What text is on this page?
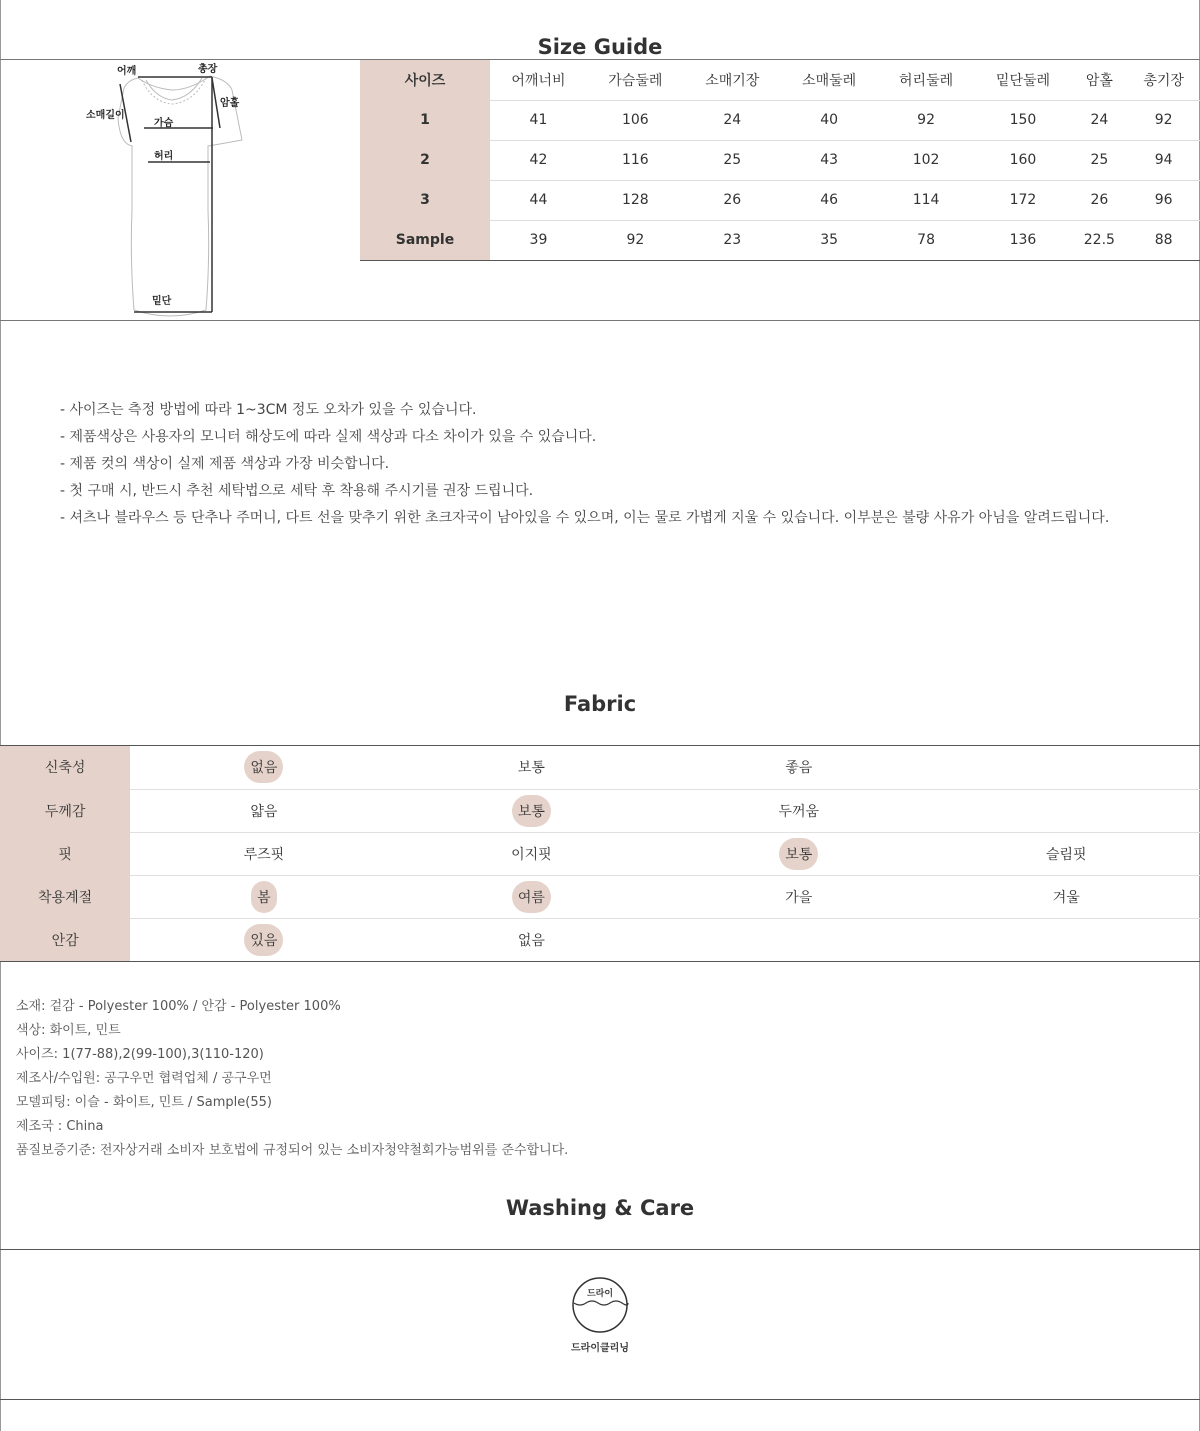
Size Guide
어깨	총장
암홀
소매길이
가슴
허리
밑단
사이즈	어깨너비	가슴둘레	소매기장	소매둘레	허리둘레	밑단둘레	암홀	총기장
1	41	106	24	40	92	150	24	92
2	42	116	25	43	102	160	25	94
3	44	128	26	46	114	172	26	96
Sample	39	92	23	35	78	136	22.5	88
- 사이즈는 측정 방법에 따라 1~3CM 정도 오차가 있을 수 있습니다.
- 제품색상은 사용자의 모니터 해상도에 따라 실제 색상과 다소 차이가 있을 수 있습니다.
- 제품 컷의 색상이 실제 제품 색상과 가장 비슷합니다.
- 첫 구매 시, 반드시 추천 세탁법으로 세탁 후 착용해 주시기를 권장 드립니다.
- 셔츠나 블라우스 등 단추나 주머니, 다트 선을 맞추기 위한 초크자국이 남아있을 수 있으며, 이는 물로 가볍게 지울 수 있습니다. 이부분은 불량 사유가 아님을 알려드립니다.
Fabric
신축성	없음	보통	좋음	
두께감	얇음	보통	두꺼움	
핏	루즈핏	이지핏	보통	슬림핏
착용계절	봄	여름	가을	겨울
안감	있음	없음		
소재: 겉감 - Polyester 100% / 안감 - Polyester 100%
색상: 화이트, 민트
사이즈: 1(77-88),2(99-100),3(110-120)
제조사/수입원: 공구우먼 협력업체 / 공구우먼
모델피팅: 이슬 - 화이트, 민트 / Sample(55)
제조국 : China
품질보증기준: 전자상거래 소비자 보호법에 규정되어 있는 소비자청약철회가능범위를 준수합니다.
Washing & Care
드라이
드라이클리닝
